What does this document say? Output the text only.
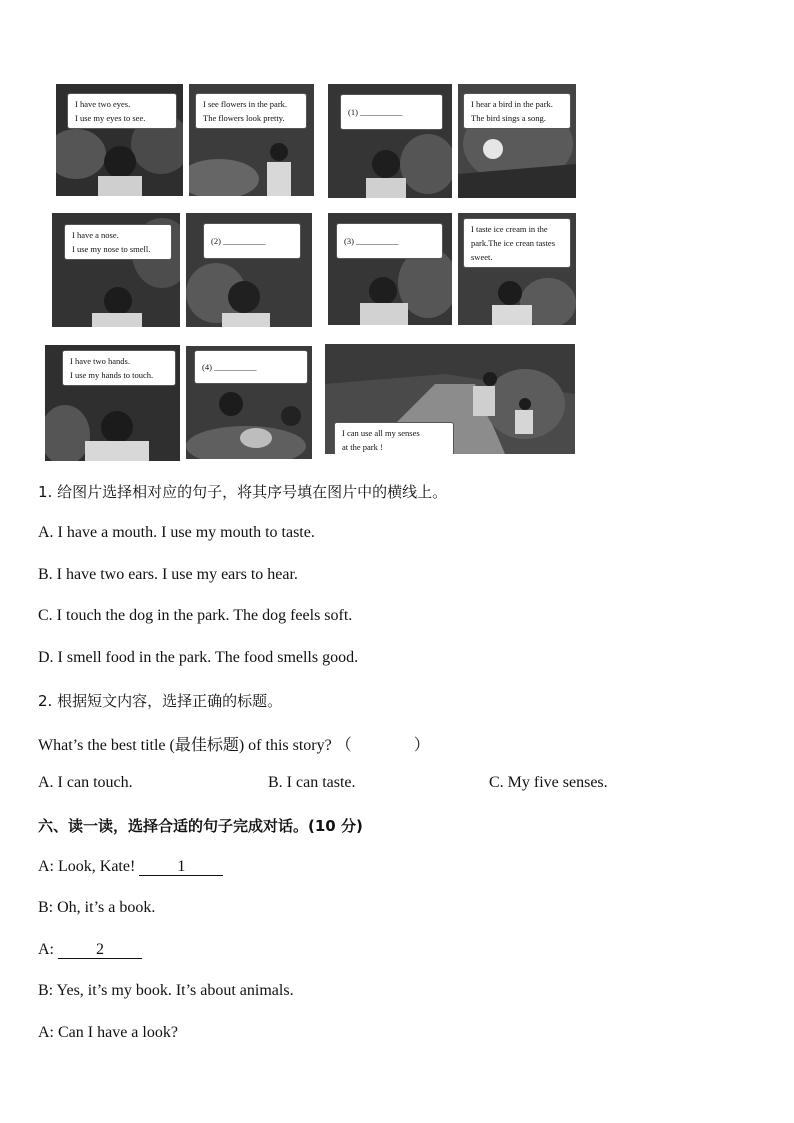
I have two eyes.
I use my eyes to see.
I see flowers in the park.
The flowers look pretty.
(1) __________
I hear a bird in the park.
The bird sings a song.
I have a nose.
I use my nose to smell.
(2) __________	(3) __________
I taste ice cream in the
park.The ice crean tastes
sweet.
I have two hands.
I use my hands to touch.
(4) __________
I can use all my senses
at the park !
1. 给图片选择相对应的句子，将其序号填在图片中的横线上。
A. I have a mouth. I use my mouth to taste.
B. I have two ears. I use my ears to hear.
C. I touch the dog in the park. The dog feels soft.
D. I smell food in the park. The food smells good.
2. 根据短文内容，选择正确的标题。
What’s the best title (最佳标题) of this story? （	）
A. I can touch.	B. I can taste.	C. My five senses.
六、读一读，选择合适的句子完成对话。(10 分)
A: Look, Kate!	1
B: Oh, it’s a book.
A:	2
B: Yes, it’s my book. It’s about animals.
A: Can I have a look?
